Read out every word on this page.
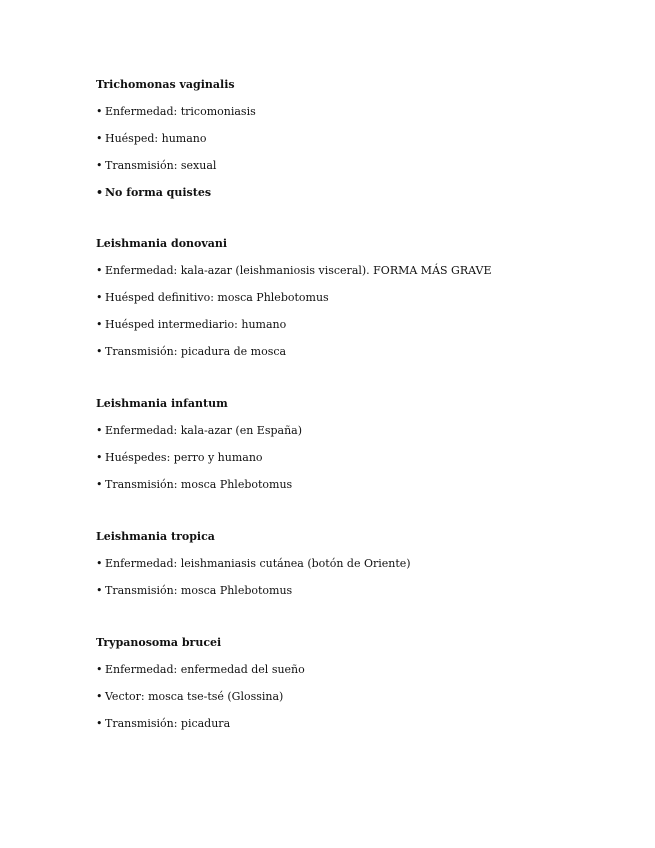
Trichomonas vaginalis
• Enfermedad: tricomoniasis
• Huésped: humano
• Transmisión: sexual
• No forma quistes
Leishmania donovani
• Enfermedad: kala-azar (leishmaniosis visceral). FORMA MÁS GRAVE
• Huésped definitivo: mosca Phlebotomus
• Huésped intermediario: humano
• Transmisión: picadura de mosca
Leishmania infantum
• Enfermedad: kala-azar (en España)
• Huéspedes: perro y humano
• Transmisión: mosca Phlebotomus
Leishmania tropica
• Enfermedad: leishmaniasis cutánea (botón de Oriente)
• Transmisión: mosca Phlebotomus
Trypanosoma brucei
• Enfermedad: enfermedad del sueño
• Vector: mosca tse-tsé (Glossina)
• Transmisión: picadura
